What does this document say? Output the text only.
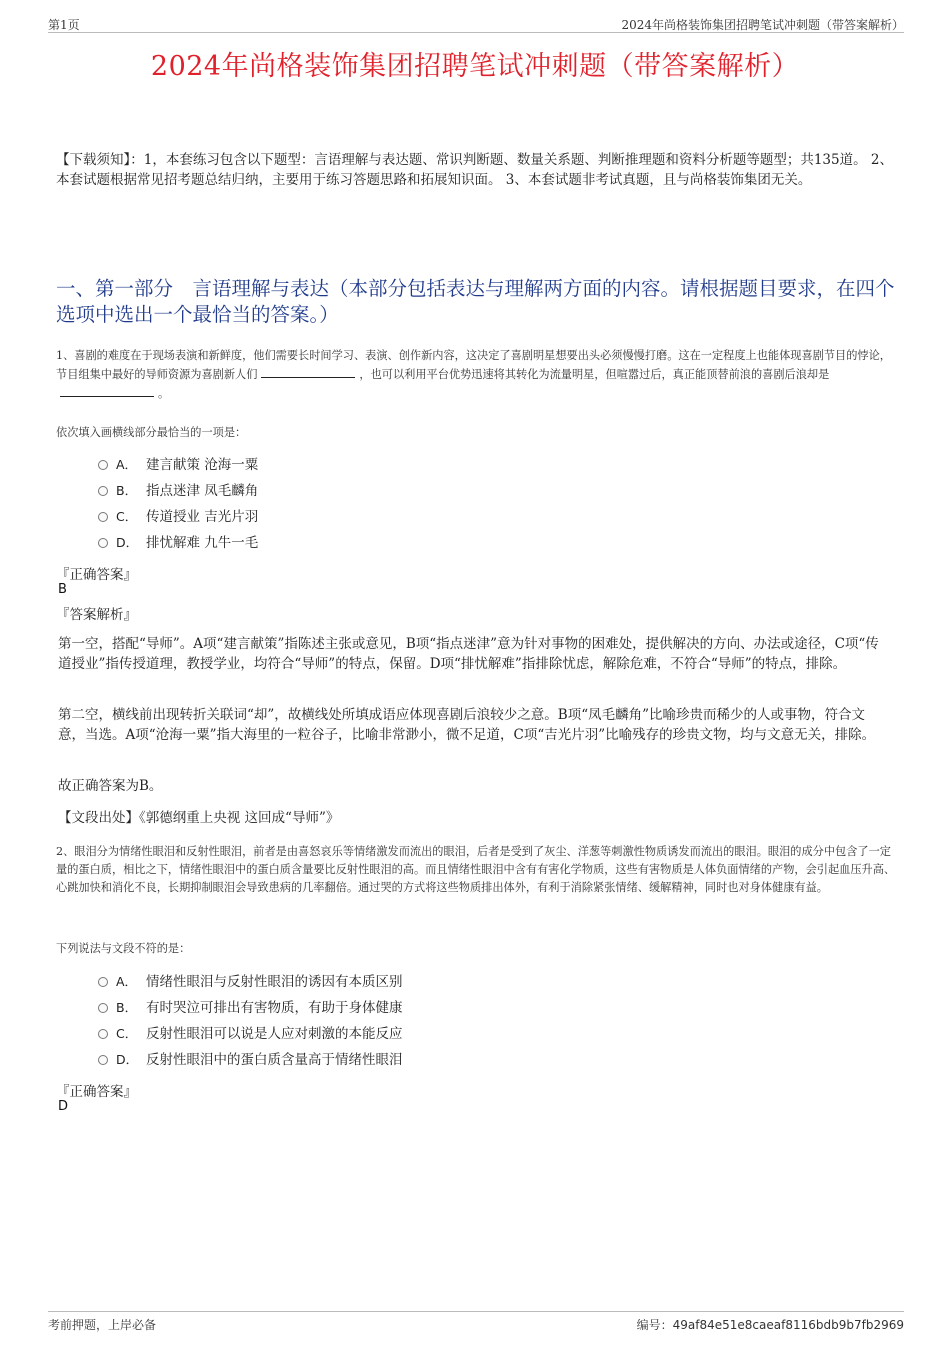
第1页	2024年尚格装饰集团招聘笔试冲刺题（带答案解析）
2024年尚格装饰集团招聘笔试冲刺题（带答案解析）
【下载须知】：1，本套练习包含以下题型：言语理解与表达题、常识判断题、数量关系题、判断推理题和资料分析题等题型；共135道。 2、本套试题根据常见招考题总结归纳，主要用于练习答题思路和拓展知识面。 3、本套试题非考试真题，且与尚格装饰集团无关。
一、第一部分　言语理解与表达（本部分包括表达与理解两方面的内容。请根据题目要求，在四个选项中选出一个最恰当的答案。）
1、喜剧的难度在于现场表演和新鲜度，他们需要长时间学习、表演、创作新内容，这决定了喜剧明星想要出头必须慢慢打磨。这在一定程度上也能体现喜剧节目的悖论，节目组集中最好的导师资源为喜剧新人们	，也可以利用平台优势迅速将其转化为流量明星，但喧嚣过后，真正能顶替前浪的喜剧后浪却是。
依次填入画横线部分最恰当的一项是：
A． 建言献策 沧海一粟
B． 指点迷津 凤毛麟角
C． 传道授业 吉光片羽
D． 排忧解难 九牛一毛
『正确答案』
B
『答案解析』
第一空，搭配“导师”。A项“建言献策”指陈述主张或意见，B项“指点迷津”意为针对事物的困难处，提供解决的方向、办法或途径，C项“传道授业”指传授道理，教授学业，均符合“导师”的特点，保留。D项“排忧解难”指排除忧虑，解除危难，不符合“导师”的特点，排除。
第二空，横线前出现转折关联词“却”，故横线处所填成语应体现喜剧后浪较少之意。B项“凤毛麟角”比喻珍贵而稀少的人或事物，符合文意，当选。A项“沧海一粟”指大海里的一粒谷子，比喻非常渺小，微不足道，C项“吉光片羽”比喻残存的珍贵文物，均与文意无关，排除。
故正确答案为B。
【文段出处】《郭德纲重上央视 这回成“导师”》
2、眼泪分为情绪性眼泪和反射性眼泪，前者是由喜怒哀乐等情绪激发而流出的眼泪，后者是受到了灰尘、洋葱等刺激性物质诱发而流出的眼泪。眼泪的成分中包含了一定量的蛋白质，相比之下，情绪性眼泪中的蛋白质含量要比反射性眼泪的高。而且情绪性眼泪中含有有害化学物质，这些有害物质是人体负面情绪的产物，会引起血压升高、心跳加快和消化不良，长期抑制眼泪会导致患病的几率翻倍。通过哭的方式将这些物质排出体外，有利于消除紧张情绪、缓解精神，同时也对身体健康有益。
下列说法与文段不符的是：
A． 情绪性眼泪与反射性眼泪的诱因有本质区别
B． 有时哭泣可排出有害物质，有助于身体健康
C． 反射性眼泪可以说是人应对刺激的本能反应
D． 反射性眼泪中的蛋白质含量高于情绪性眼泪
『正确答案』
D
考前押题，上岸必备	编号：49af84e51e8caeaf8116bdb9b7fb2969
